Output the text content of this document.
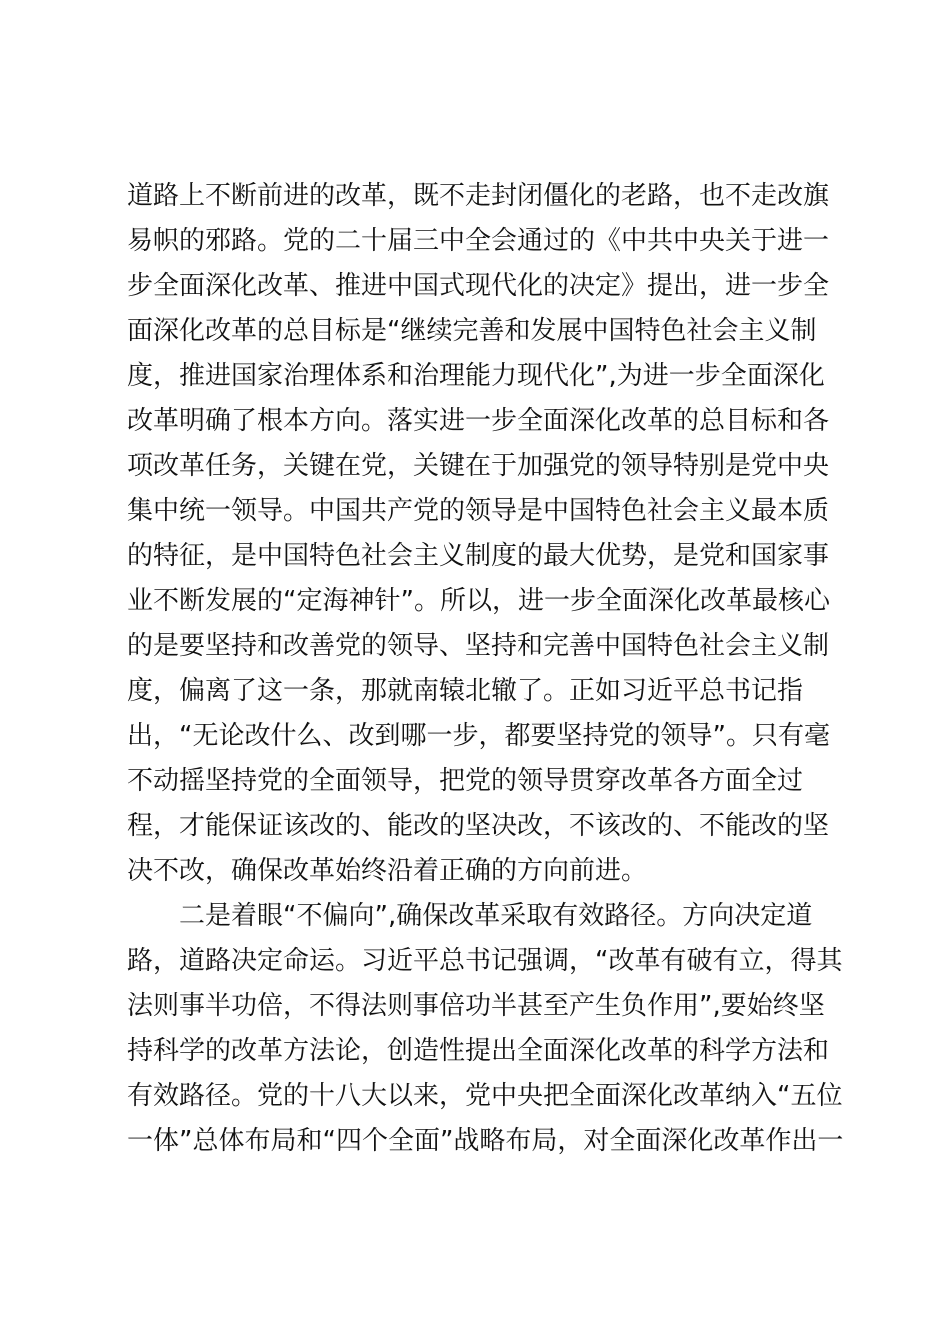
道路上不断前进的改革，既不走封闭僵化的老路，也不走改旗
易帜的邪路。党的二十届三中全会通过的《中共中央关于进一
步全面深化改革、推进中国式现代化的决定》提出，进一步全
面深化改革的总目标是“继续完善和发展中国特色社会主义制
度，推进国家治理体系和治理能力现代化”,为进一步全面深化
改革明确了根本方向。落实进一步全面深化改革的总目标和各
项改革任务，关键在党，关键在于加强党的领导特别是党中央
集中统一领导。中国共产党的领导是中国特色社会主义最本质
的特征，是中国特色社会主义制度的最大优势，是党和国家事
业不断发展的“定海神针”。所以，进一步全面深化改革最核心
的是要坚持和改善党的领导、坚持和完善中国特色社会主义制
度，偏离了这一条，那就南辕北辙了。正如习近平总书记指
出，“无论改什么、改到哪一步，都要坚持党的领导”。只有毫
不动摇坚持党的全面领导，把党的领导贯穿改革各方面全过
程，才能保证该改的、能改的坚决改，不该改的、不能改的坚
决不改，确保改革始终沿着正确的方向前进。
二是着眼“不偏向”,确保改革采取有效路径。方向决定道
路，道路决定命运。习近平总书记强调，“改革有破有立，得其
法则事半功倍，不得法则事倍功半甚至产生负作用”,要始终坚
持科学的改革方法论，创造性提出全面深化改革的科学方法和
有效路径。党的十八大以来，党中央把全面深化改革纳入“五位
一体”总体布局和“四个全面”战略布局，对全面深化改革作出一
